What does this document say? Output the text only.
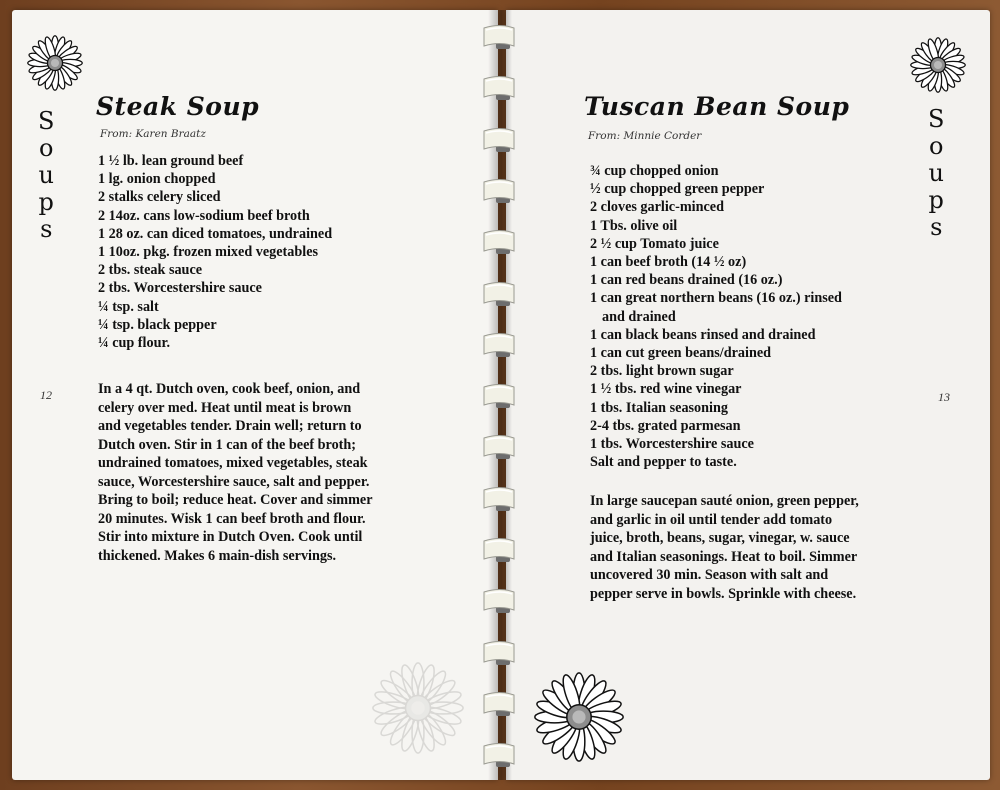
S
o
u
p
s
Steak Soup
From: Karen Braatz
1 ½ lb. lean ground beef
1 lg. onion chopped
2 stalks celery sliced
2 14oz. cans low-sodium beef broth
1 28 oz. can diced tomatoes, undrained
1 10oz. pkg. frozen mixed vegetables
2 tbs. steak sauce
2 tbs. Worcestershire sauce
¼ tsp. salt
¼ tsp. black pepper
¼ cup flour.
12	In a 4 qt. Dutch oven, cook beef, onion, and
celery over med. Heat until meat is brown
and vegetables tender. Drain well; return to
Dutch oven. Stir in 1 can of the beef broth;
undrained tomatoes, mixed vegetables, steak
sauce, Worcestershire sauce, salt and pepper.
Bring to boil; reduce heat. Cover and simmer
20 minutes. Wisk 1 can beef broth and flour.
Stir into mixture in Dutch Oven. Cook until
thickened. Makes 6 main-dish servings.
S
o
u
p
s
Tuscan Bean Soup
From: Minnie Corder
¾ cup chopped onion
½ cup chopped green pepper
2 cloves garlic-minced
1 Tbs. olive oil
2 ½ cup Tomato juice
1 can beef broth (14 ½ oz)
1 can red beans drained (16 oz.)
1 can great northern beans (16 oz.) rinsed
and drained
1 can black beans rinsed and drained
1 can cut green beans/drained
2 tbs. light brown sugar
1 ½ tbs. red wine vinegar
1 tbs. Italian seasoning
2-4 tbs. grated parmesan
1 tbs. Worcestershire sauce
Salt and pepper to taste.
13
In large saucepan sauté onion, green pepper,
and garlic in oil until tender add tomato
juice, broth, beans, sugar, vinegar, w. sauce
and Italian seasonings. Heat to boil. Simmer
uncovered 30 min. Season with salt and
pepper serve in bowls. Sprinkle with cheese.
